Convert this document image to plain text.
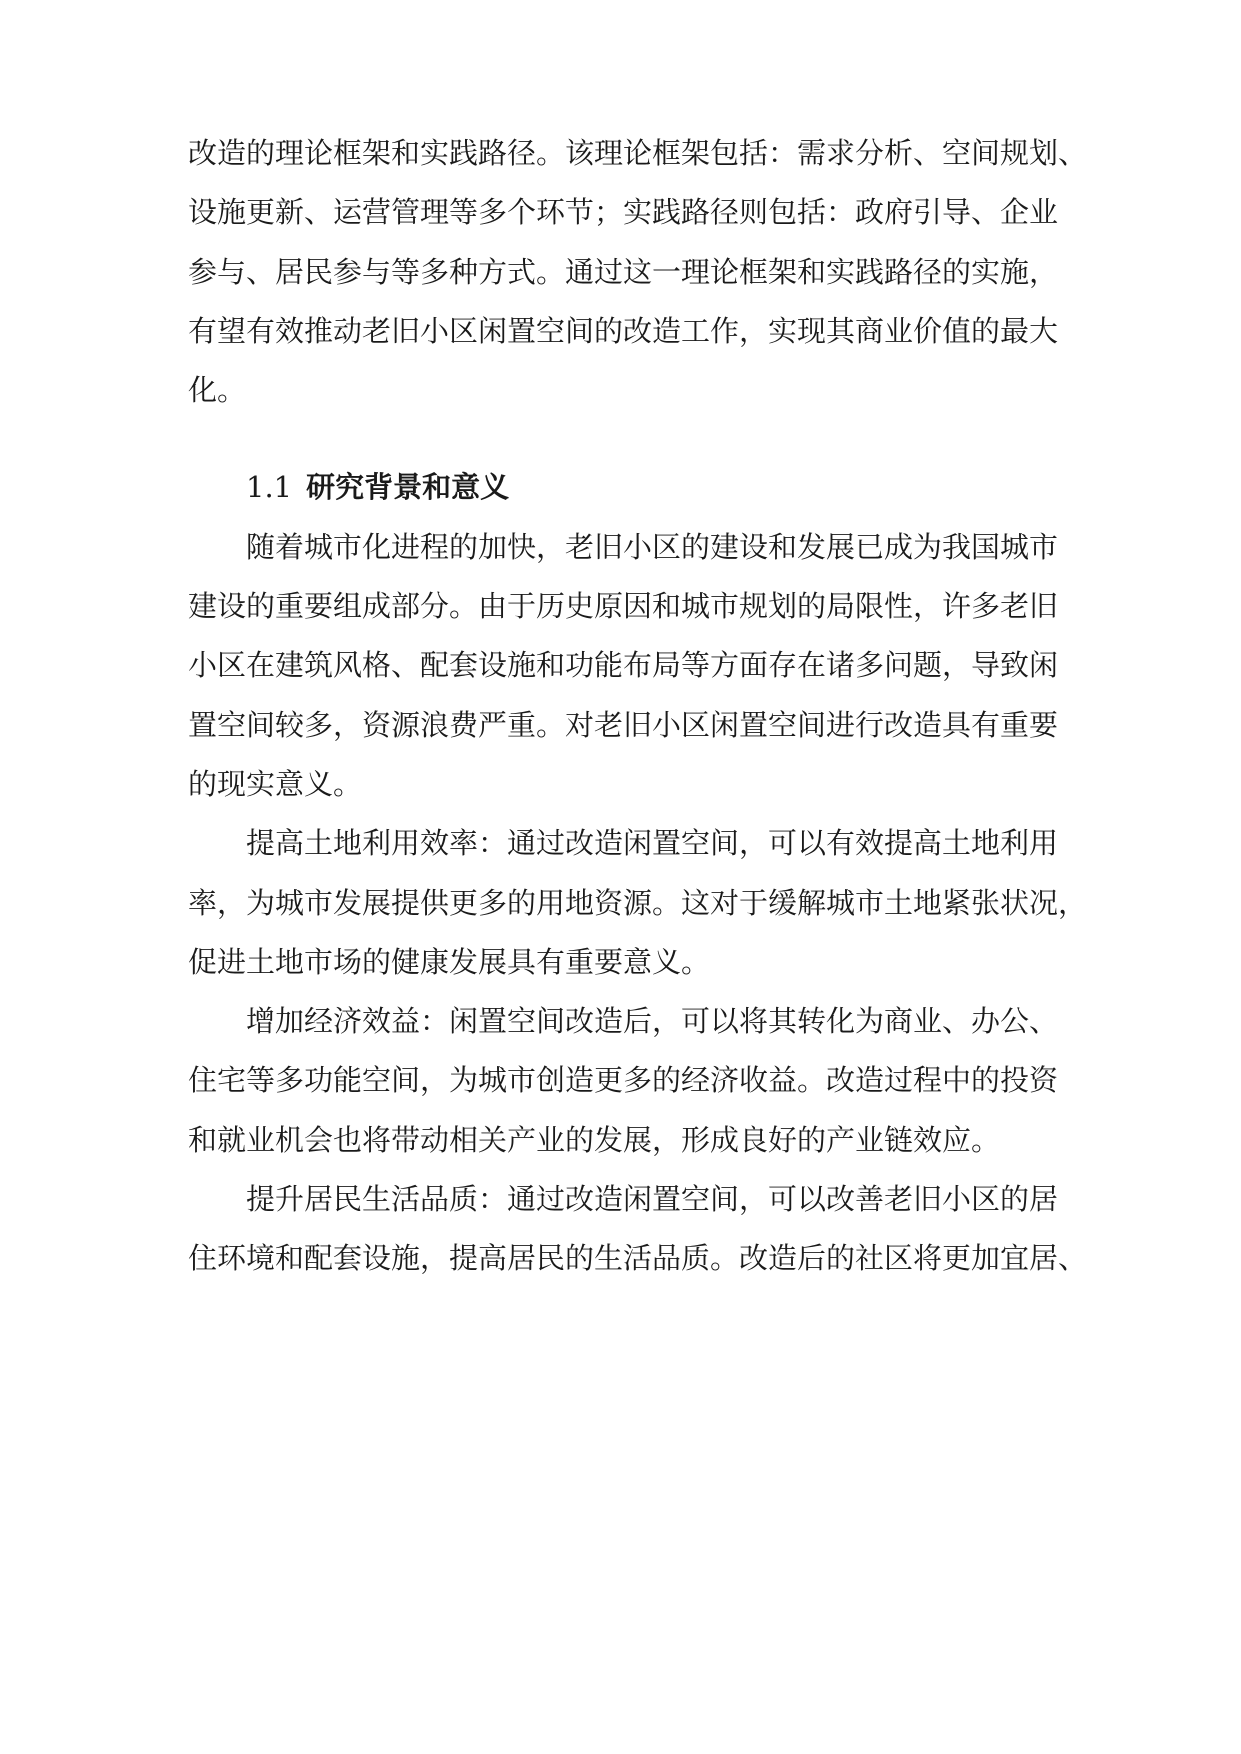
改造的理论框架和实践路径。该理论框架包括：需求分析、空间规划、
设施更新、运营管理等多个环节；实践路径则包括：政府引导、企业
参与、居民参与等多种方式。通过这一理论框架和实践路径的实施，
有望有效推动老旧小区闲置空间的改造工作，实现其商业价值的最大
化。
1.1 研究背景和意义
随着城市化进程的加快，老旧小区的建设和发展已成为我国城市
建设的重要组成部分。由于历史原因和城市规划的局限性，许多老旧
小区在建筑风格、配套设施和功能布局等方面存在诸多问题，导致闲
置空间较多，资源浪费严重。对老旧小区闲置空间进行改造具有重要
的现实意义。
提高土地利用效率：通过改造闲置空间，可以有效提高土地利用
率，为城市发展提供更多的用地资源。这对于缓解城市土地紧张状况，
促进土地市场的健康发展具有重要意义。
增加经济效益：闲置空间改造后，可以将其转化为商业、办公、
住宅等多功能空间，为城市创造更多的经济收益。改造过程中的投资
和就业机会也将带动相关产业的发展，形成良好的产业链效应。
提升居民生活品质：通过改造闲置空间，可以改善老旧小区的居
住环境和配套设施，提高居民的生活品质。改造后的社区将更加宜居、
